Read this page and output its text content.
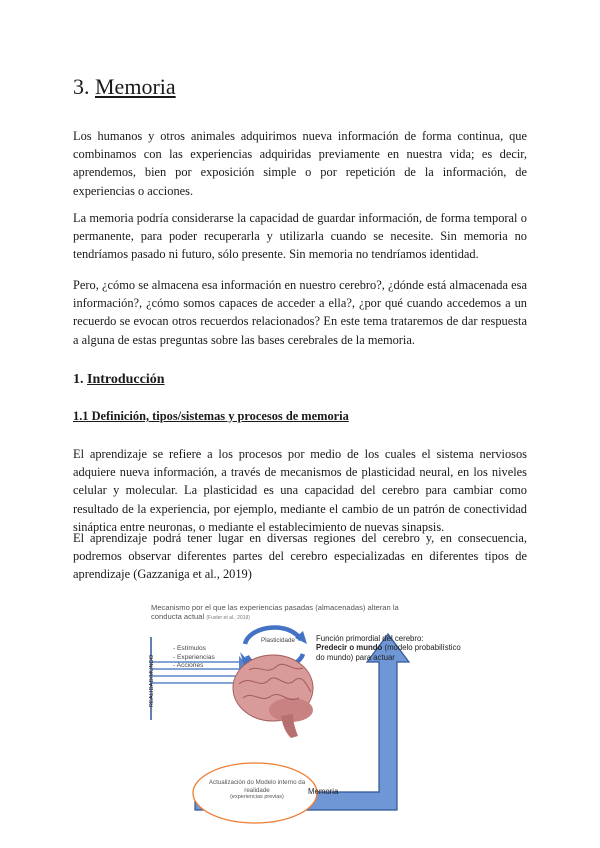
3. Memoria

Los humanos y otros animales adquirimos nueva información de forma continua, que combinamos con las experiencias adquiridas previamente en nuestra vida; es decir, aprendemos, bien por exposición simple o por repetición de la información, de experiencias o acciones.

La memoria podría considerarse la capacidad de guardar información, de forma temporal o permanente, para poder recuperarla y utilizarla cuando se necesite. Sin memoria no tendríamos pasado ni futuro, sólo presente. Sin memoria no tendríamos identidad.

Pero, ¿cómo se almacena esa información en nuestro cerebro?, ¿dónde está almacenada esa información?, ¿cómo somos capaces de acceder a ella?, ¿por qué cuando accedemos a un recuerdo se evocan otros recuerdos relacionados? En este tema trataremos de dar respuesta a alguna de estas preguntas sobre las bases cerebrales de la memoria.

1. Introducción
1.1 Definición, tipos/sistemas y procesos de memoria

El aprendizaje se refiere a los procesos por medio de los cuales el sistema nerviosos adquiere nueva información, a través de mecanismos de plasticidad neural, en los niveles celular y molecular. La plasticidad es una capacidad del cerebro para cambiar como resultado de la experiencia, por ejemplo, mediante el cambio de un patrón de conectividad sináptica entre neuronas, o mediante el establecimiento de nuevas sinapsis.

El aprendizaje podrá tener lugar en diversas regiones del cerebro y, en consecuencia, podremos observar diferentes partes del cerebro especializadas en diferentes tipos de aprendizaje (Gazzaniga et al., 2019)

Mecanismo por el que las experiencias pasadas (almacenadas) alteran la conducta actual (Fuster et al., 2019)

- Estímulos
- Experiencias
- Acciones
REALIDAD/MUNDO
Plasticidade	Función primordial del cerebro:
Predecir o mundo (modelo probabilístico do mundo) para actuar
Memoria
Actualización do Modelo interno da realidade
(experiencias previas)
